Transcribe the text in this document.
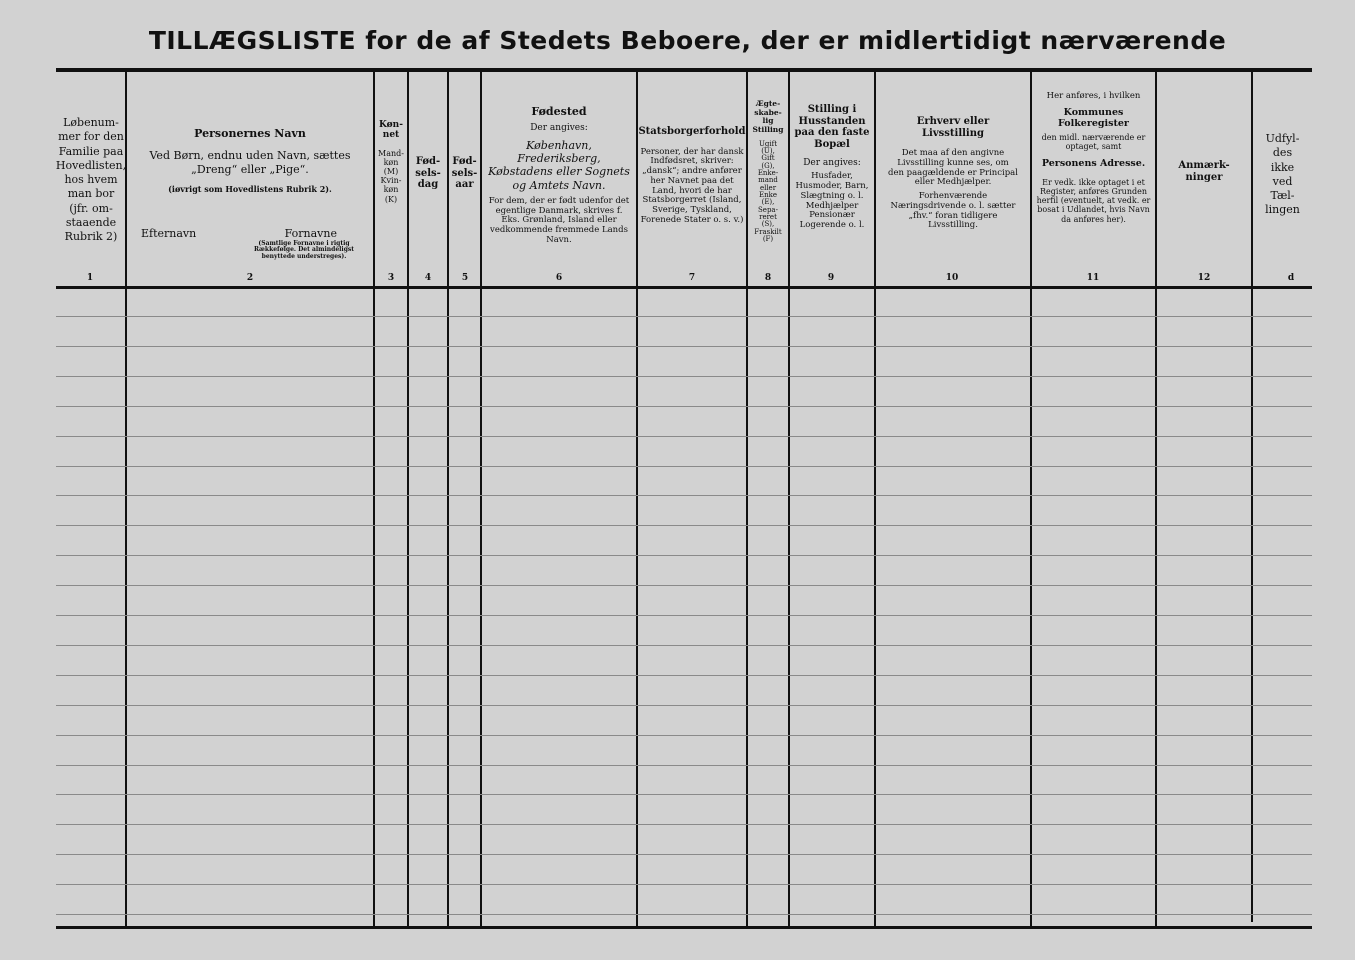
TILLÆGSLISTE for de af Stedets Beboere, der er midlertidigt nærværende
Løbenum-
mer for den
Familie paa
Hovedlisten,
hos hvem
man bor
(jfr. om-
staaende
Rubrik 2)
Personernes Navn
Ved Børn, endnu uden Navn, sættes „Dreng“ eller „Pige“.
(iøvrigt som Hovedlistens Rubrik 2).
Efternavn	Fornavne
(Samtlige Fornavne i rigtig Rækkefølge. Det almindeligst benyttede understreges).
Køn-net
Mand-køn (M) Kvin-køn (K)
Fød-sels-dag
Fød-sels-aar
Fødested
Der angives:
København, Frederiksberg, Købstadens eller Sognets og Amtets Navn.
For dem, der er født udenfor det egentlige Danmark, skrives f. Eks. Grønland, Island eller vedkommende fremmede Lands Navn.
Statsborgerforhold
Personer, der har dansk Indfødsret, skriver: „dansk“; andre anfører her Navnet paa det Land, hvori de har Statsborgerret (Island, Sverige, Tyskland, Forenede Stater o. s. v.)
Ægte-skabe-lig Stilling
Ugift (U), Gift (G), Enke-mand eller Enke (E), Sepa-reret (S), Fraskilt (F)
Stilling i Husstanden paa den faste Bopæl
Der angives:
Husfader, Husmoder, Barn, Slægtning o. l. Medhjælper Pensionær Logerende o. l.
Erhverv eller Livsstilling
Det maa af den angivne Livsstilling kunne ses, om den paagældende er Principal eller Medhjælper.
Forhenværende Næringsdrivende o. l. sætter „fhv.“ foran tidligere Livsstilling.
Her anføres, i hvilken
Kommunes Folkeregister
den midl. nærværende er optaget, samt
Personens Adresse.
Er vedk. ikke optaget i et Register, anføres Grunden herfil (eventuelt, at vedk. er bosat i Udlandet, hvis Navn da anføres her).
Anmærk-ninger
Udfyl-
des
ikke
ved
Tæl-
lingen
1	2	3	4	5	6	7	8	9	10	11	12	d
